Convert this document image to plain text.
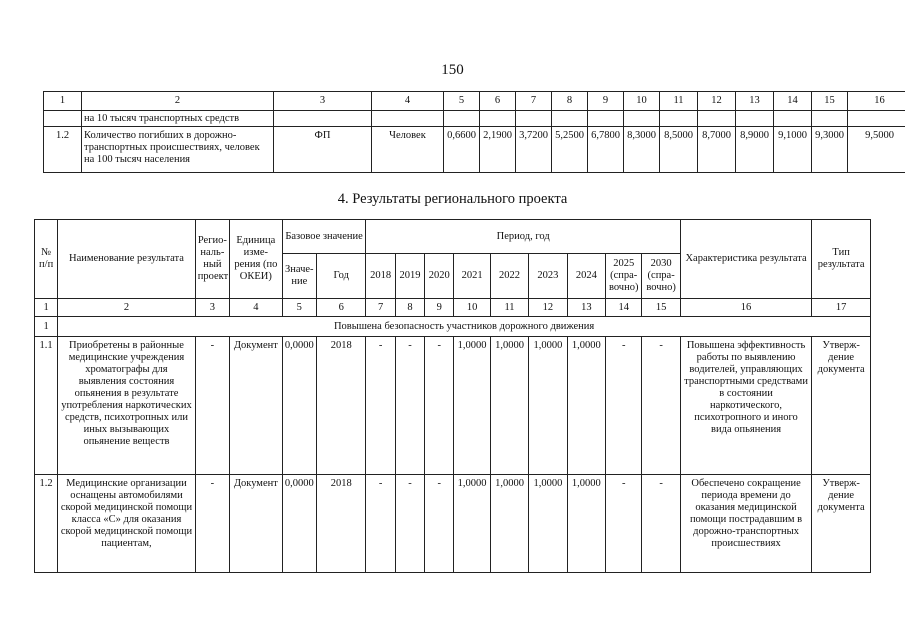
150
1	2	3	4	5	6	7	8	9	10	11	12	13	14	15	16
	на 10 тысяч транспортных средств														
1.2	Количество погибших в дорожно-транспортных происшествиях, человек на 100 тысяч населения	ФП	Человек	0,6600	2,1900	3,7200	5,2500	6,7800	8,3000	8,5000	8,7000	8,9000	9,1000	9,3000	9,5000
4. Результаты регионального проекта
№ п/п	Наименование результата	Регио-наль-ный проект	Единица изме-рения (по ОКЕИ)	Базовое значение		Период, год									Характеристика результата	Тип результата
				Значе-ние	Год	2018	2019	2020	2021	2022	2023	2024	2025 (спра-вочно)	2030 (спра-вочно)		
1	2	3	4	5	6	7	8	9	10	11	12	13	14	15	16	17
1	Повышена безопасность участников дорожного движения															
1.1	Приобретены в районные медицинские учреждения хроматографы для выявления состояния опьянения в результате употребления наркотических средств, психотропных или иных вызывающих опьянение веществ	-	Документ	0,0000	2018	-	-	-	1,0000	1,0000	1,0000	1,0000	-	-	Повышена эффективность работы по выявлению водителей, управляющих транспортными средствами в состоянии наркотического, психотропного и иного вида опьянения	Утверж-дение документа
1.2	Медицинские организации оснащены автомобилями скорой медицинской помощи класса «С» для оказания скорой медицинской помощи пациентам,	-	Документ	0,0000	2018	-	-	-	1,0000	1,0000	1,0000	1,0000	-	-	Обеспечено сокращение периода времени до оказания медицинской помощи пострадавшим в дорожно-транспортных происшествиях	Утверж-дение документа
